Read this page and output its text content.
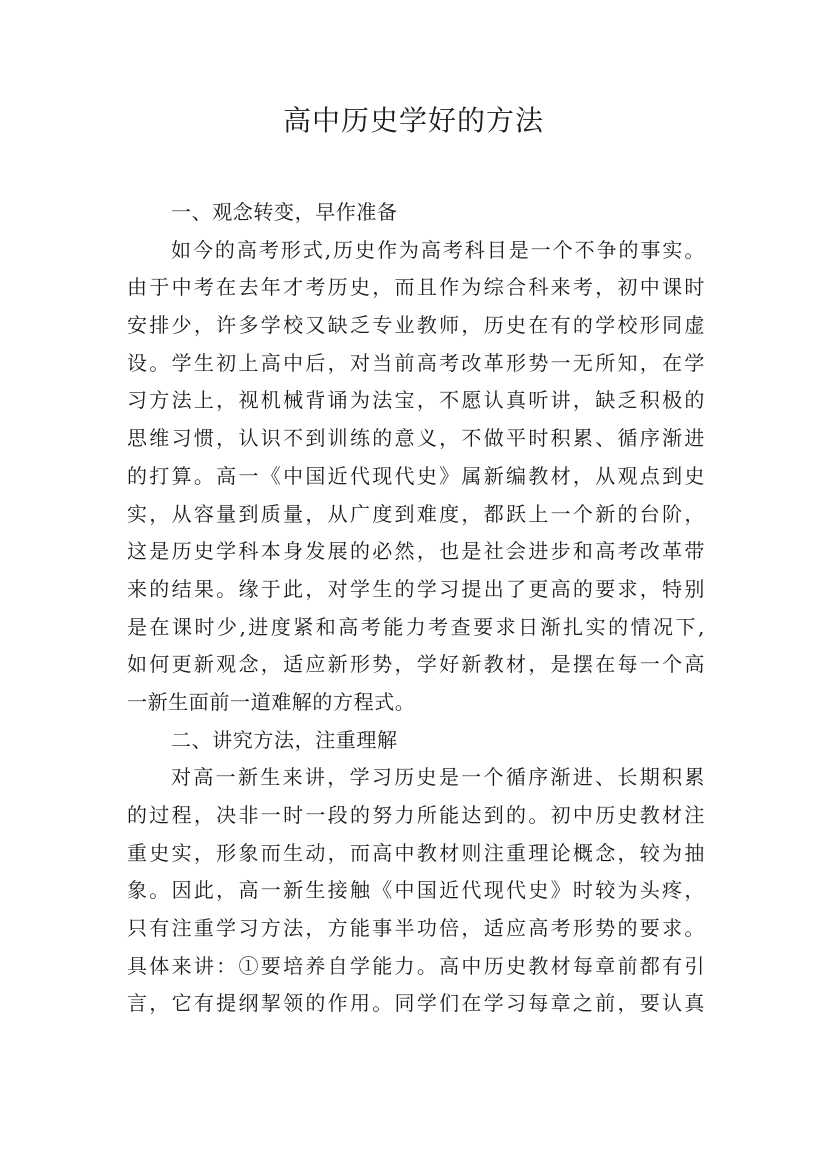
高中历史学好的方法
一、观念转变，早作准备
如今的高考形式,历史作为高考科目是一个不争的事实。
由于中考在去年才考历史，而且作为综合科来考，初中课时
安排少，许多学校又缺乏专业教师，历史在有的学校形同虚
设。学生初上高中后，对当前高考改革形势一无所知，在学
习方法上，视机械背诵为法宝，不愿认真听讲，缺乏积极的
思维习惯，认识不到训练的意义，不做平时积累、循序渐进
的打算。高一《中国近代现代史》属新编教材，从观点到史
实，从容量到质量，从广度到难度，都跃上一个新的台阶，
这是历史学科本身发展的必然，也是社会进步和高考改革带
来的结果。缘于此，对学生的学习提出了更高的要求，特别
是在课时少,进度紧和高考能力考查要求日渐扎实的情况下,
如何更新观念，适应新形势，学好新教材，是摆在每一个高
一新生面前一道难解的方程式。
二、讲究方法，注重理解
对高一新生来讲，学习历史是一个循序渐进、长期积累
的过程，决非一时一段的努力所能达到的。初中历史教材注
重史实，形象而生动，而高中教材则注重理论概念，较为抽
象。因此，高一新生接触《中国近代现代史》时较为头疼，
只有注重学习方法，方能事半功倍，适应高考形势的要求。
具体来讲：①要培养自学能力。高中历史教材每章前都有引
言，它有提纲挈领的作用。同学们在学习每章之前，要认真
